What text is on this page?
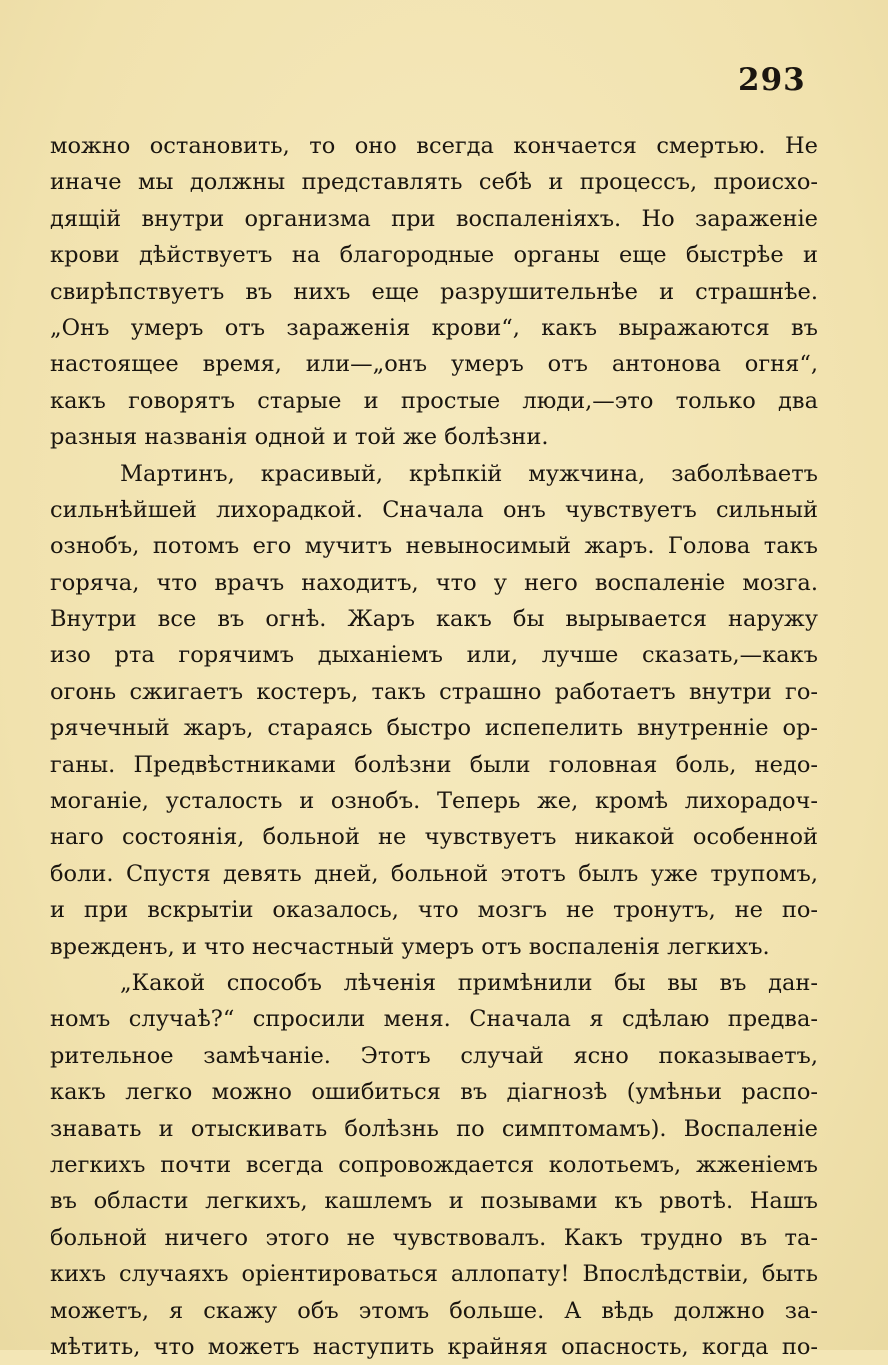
293
можно остановить, то оно всегда кончается смертью. Не
иначе мы должны представлять себѣ и процессъ, происхо-
дящій внутри организма при воспаленіяхъ. Но зараженіе
крови дѣйствуетъ на благородные органы еще быстрѣе и
свирѣпствуетъ въ нихъ еще разрушительнѣе и страшнѣе.
„Онъ умеръ отъ зараженія крови“, какъ выражаются въ
настоящее время, или—„онъ умеръ отъ антонова огня“,
какъ говорятъ старые и простые люди,—это только два
разныя названія одной и той же болѣзни.
Мартинъ, красивый, крѣпкій мужчина, заболѣваетъ
сильнѣйшей лихорадкой. Сначала онъ чувствуетъ сильный
ознобъ, потомъ его мучитъ невыносимый жаръ. Голова такъ
горяча, что врачъ находитъ, что у него воспаленіе мозга.
Внутри все въ огнѣ. Жаръ какъ бы вырывается наружу
изо рта горячимъ дыханіемъ или, лучше сказать,—какъ
огонь сжигаетъ костеръ, такъ страшно работаетъ внутри го-
рячечный жаръ, стараясь быстро испепелить внутренніе ор-
ганы. Предвѣстниками болѣзни были головная боль, недо-
моганіе, усталость и ознобъ. Теперь же, кромѣ лихорадоч-
наго состоянія, больной не чувствуетъ никакой особенной
боли. Спустя девять дней, больной этотъ былъ уже трупомъ,
и при вскрытіи оказалось, что мозгъ не тронутъ, не по-
врежденъ, и что несчастный умеръ отъ воспаленія легкихъ.
„Какой способъ лѣченія примѣнили бы вы въ дан-
номъ случаѣ?“ спросили меня. Сначала я сдѣлаю предва-
рительное замѣчаніе. Этотъ случай ясно показываетъ,
какъ легко можно ошибиться въ діагнозѣ (умѣньи распо-
знавать и отыскивать болѣзнь по симптомамъ). Воспаленіе
легкихъ почти всегда сопровождается колотьемъ, жженіемъ
въ области легкихъ, кашлемъ и позывами къ рвотѣ. Нашъ
больной ничего этого не чувствовалъ. Какъ трудно въ та-
кихъ случаяхъ оріентироваться аллопату! Впослѣдствіи, быть
можетъ, я скажу объ этомъ больше. А вѣдь должно за-
мѣтить, что можетъ наступить крайняя опасность, когда по-
